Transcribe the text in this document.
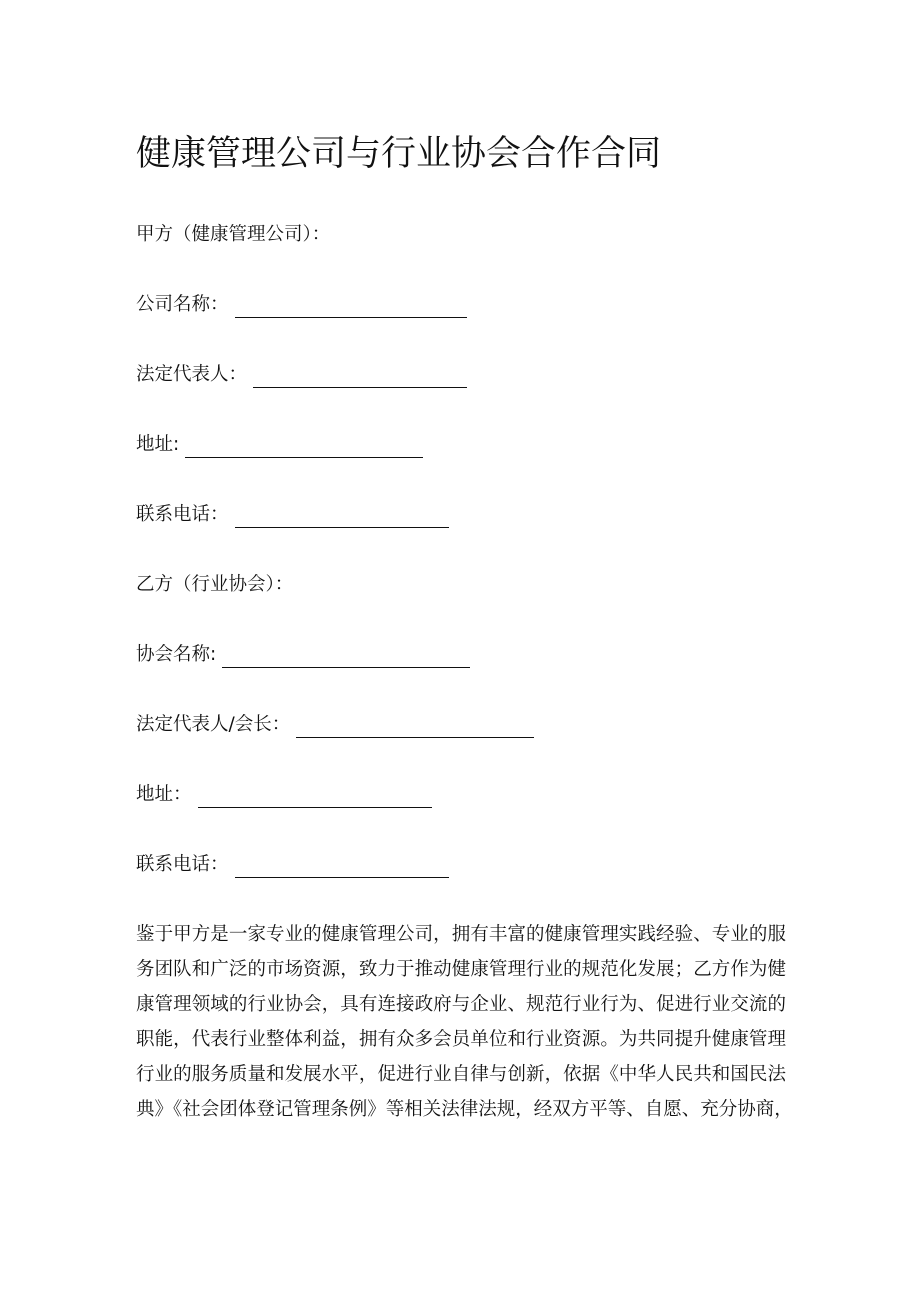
健康管理公司与行业协会合作合同
甲方（健康管理公司）：
公司名称：
法定代表人：
地址:
联系电话：
乙方（行业协会）：
协会名称:
法定代表人/会长：
地址：
联系电话：
鉴于甲方是一家专业的健康管理公司，拥有丰富的健康管理实践经验、专业的服
务团队和广泛的市场资源，致力于推动健康管理行业的规范化发展；乙方作为健
康管理领域的行业协会，具有连接政府与企业、规范行业行为、促进行业交流的
职能，代表行业整体利益，拥有众多会员单位和行业资源。为共同提升健康管理
行业的服务质量和发展水平，促进行业自律与创新，依据《中华人民共和国民法
典》《社会团体登记管理条例》等相关法律法规，经双方平等、自愿、充分协商，
